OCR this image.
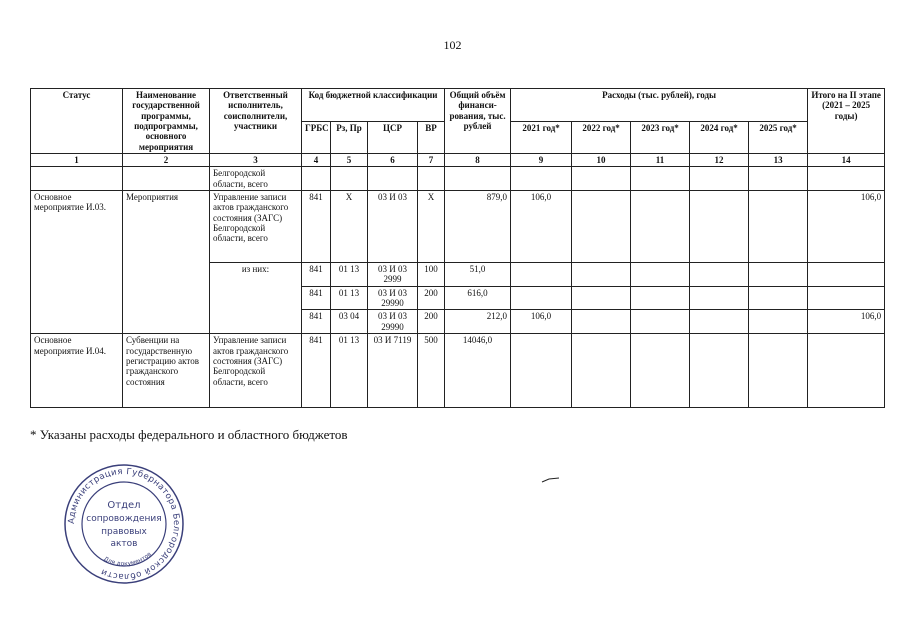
102
Статус	Наименование государственной программы, подпрограммы, основного мероприятия	Ответственный исполнитель, соисполнители, участники	Код бюджетной классификации				Общий объём финанси-рования, тыс. рублей	Расходы (тыс. рублей), годы					Итого на II этапе (2021 – 2025 годы)
			ГРБС	Рз, Пр	ЦСР	ВР		2021 год*	2022 год*	2023 год*	2024 год*	2025 год*	
1	2	3	4	5	6	7	8	9	10	11	12	13	14
		Белгородской области, всего											
Основное мероприятие И.03.	Мероприятия	Управление записи актов гражданского состояния (ЗАГС) Белгородской области, всего	841	Х	03 И 03	Х	879,0	106,0					106,0
		из них:	841	01 13	03 И 03 2999	100	51,0						
			841	01 13	03 И 03 29990	200	616,0						
			841	03 04	03 И 03 29990	200	212,0	106,0					106,0
Основное мероприятие И.04.	Субвенции на государственную регистрацию актов гражданского состояния	Управление записи актов гражданского состояния (ЗАГС) Белгородской области, всего	841	01 13	03 И 7119	500	14046,0						
* Указаны расходы федерального и областного бюджетов
Администрация Губернатора Белгородской области
Для документов
Отдел
сопровождения
правовых
актов
